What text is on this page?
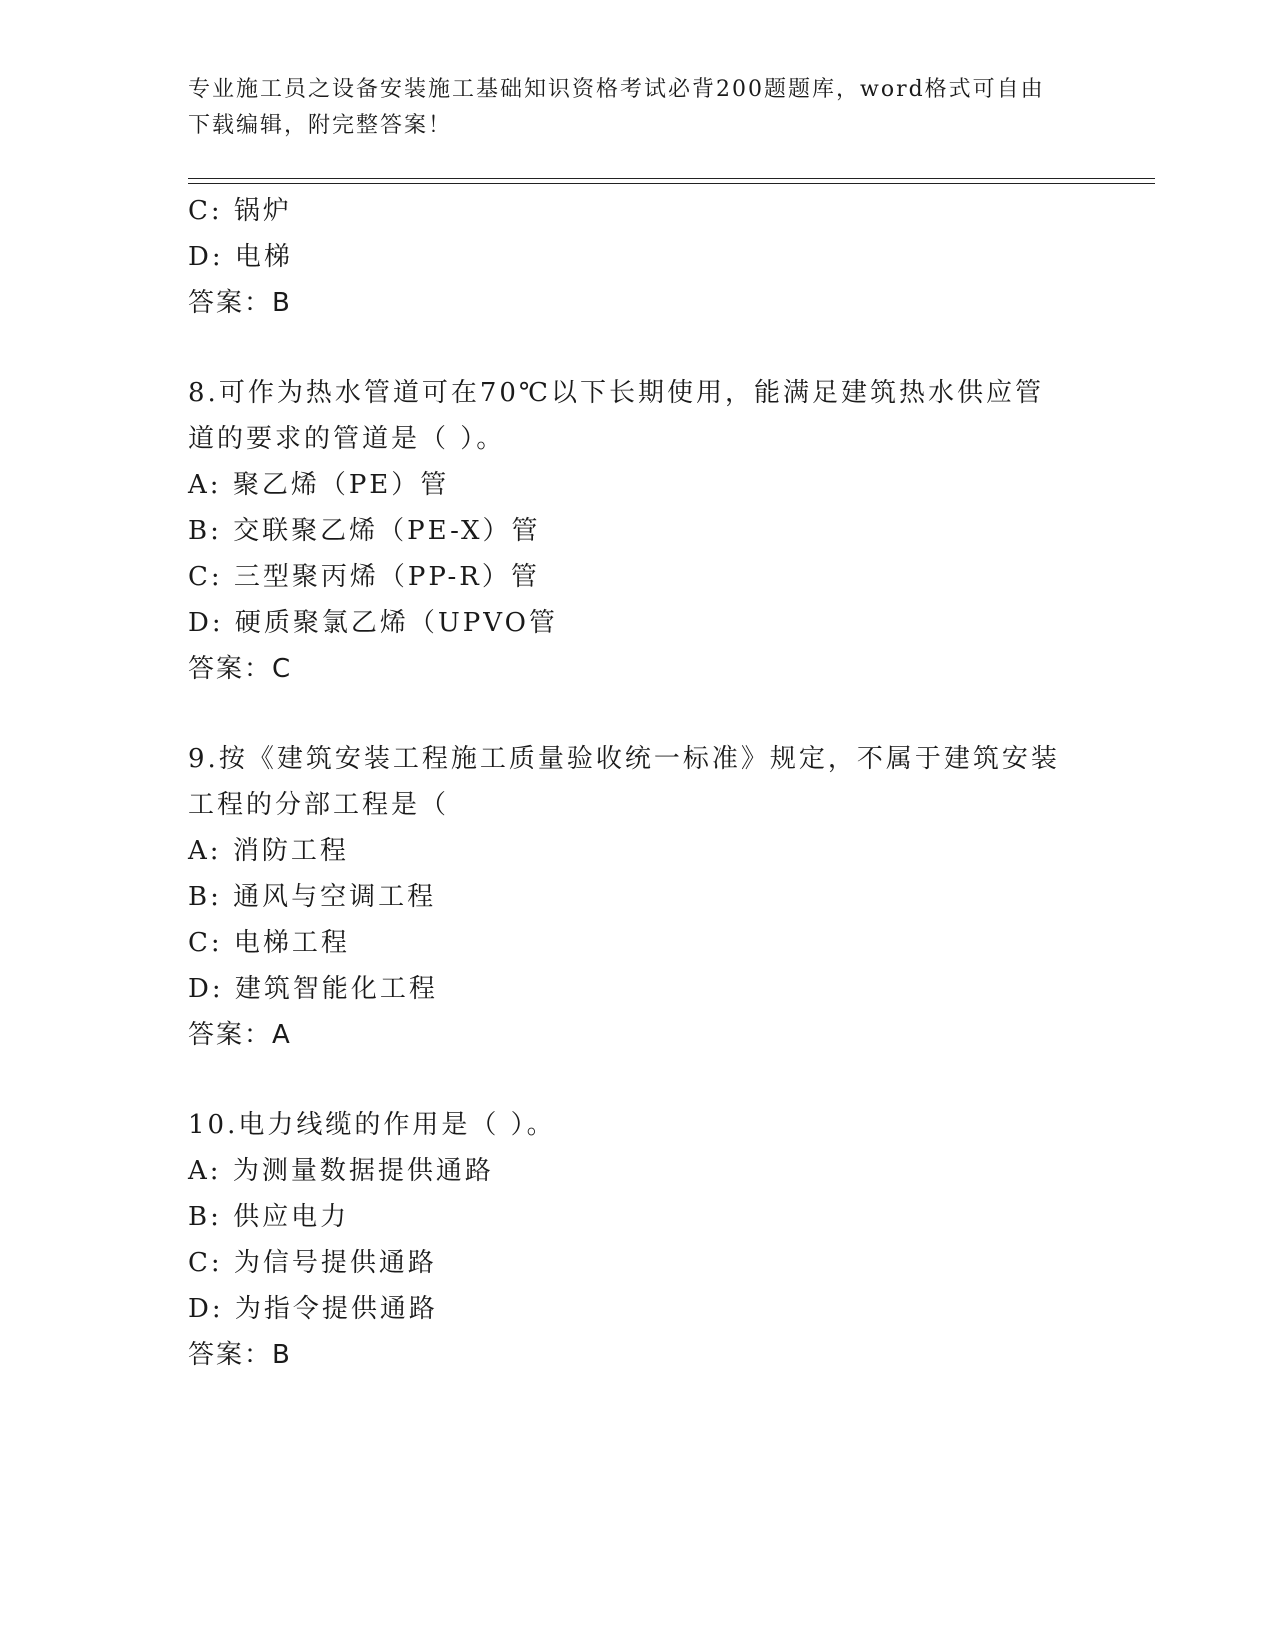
专业施工员之设备安装施工基础知识资格考试必背200题题库，word格式可自由下载编辑，附完整答案！
C: 锅炉
D: 电梯
答案：B
8.可作为热水管道可在70℃以下长期使用，能满足建筑热水供应管道的要求的管道是（ ）。
A: 聚乙烯（PE）管
B: 交联聚乙烯（PE-X）管
C: 三型聚丙烯（PP-R）管
D: 硬质聚氯乙烯（UPVO管
答案：C
9.按《建筑安装工程施工质量验收统一标准》规定，不属于建筑安装工程的分部工程是（
A: 消防工程
B: 通风与空调工程
C: 电梯工程
D: 建筑智能化工程
答案：A
10.电力线缆的作用是（ ）。
A: 为测量数据提供通路
B: 供应电力
C: 为信号提供通路
D: 为指令提供通路
答案：B
